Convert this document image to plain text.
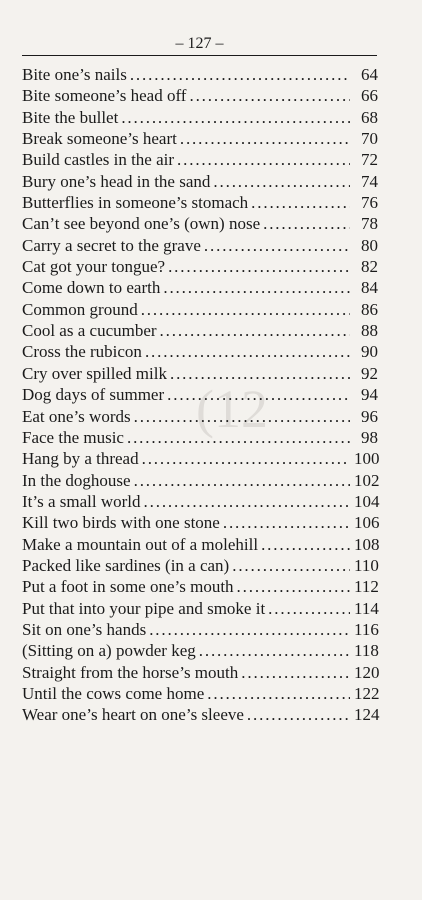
(12
– 127 –
Bite one’s nails . . .	64
Bite someone’s head off . . .	66
Bite the bullet . . .	68
Break someone’s heart . . .	70
Build castles in the air . . .	72
Bury one’s head in the sand . . .	74
Butterflies in someone’s stomach . . .	76
Can’t see beyond one’s (own) nose . . .	78
Carry a secret to the grave . . .	80
Cat got your tongue? . . .	82
Come down to earth . . .	84
Common ground . . .	86
Cool as a cucumber . . .	88
Cross the rubicon . . .	90
Cry over spilled milk . . .	92
Dog days of summer . . .	94
Eat one’s words . . .	96
Face the music . . .	98
Hang by a thread . . .	100
In the doghouse . . .	102
It’s a small world . . .	104
Kill two birds with one stone . . .	106
Make a mountain out of a molehill . . .	108
Packed like sardines (in a can) . . .	110
Put a foot in some one’s mouth . . .	112
Put that into your pipe and smoke it . . .	114
Sit on one’s hands . . .	116
(Sitting on a) powder keg . . .	118
Straight from the horse’s mouth . . .	120
Until the cows come home . . .	122
Wear one’s heart on one’s sleeve . . .	124
